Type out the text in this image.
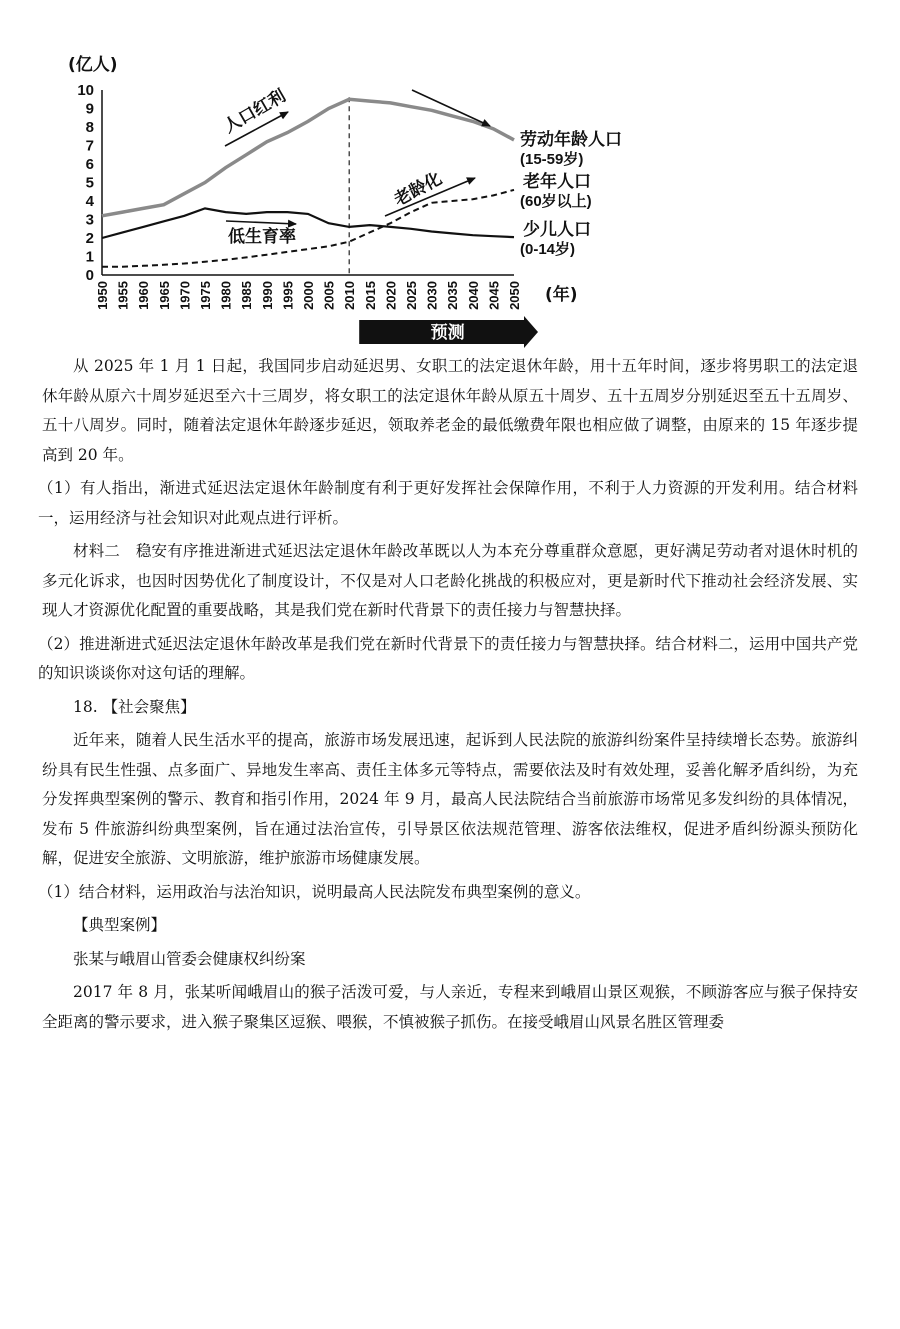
(亿人)
0
1
2
3
4
5
6
7
8
9
10
1950 1955 1960 1965 1970 1975 1980 1985 1990 1995 2000 2005 2010 2015 2020 2025 2030 2035 2040 2045 2050 (年)
劳动年龄人口
(15-59岁)
老年人口
(60岁以上)
少儿人口
(0-14岁)
人口红利
低生育率
老龄化
预测

从 2025 年 1 月 1 日起，我国同步启动延迟男、女职工的法定退休年龄，用十五年时间，逐步将男职工的法定退休年龄从原六十周岁延迟至六十三周岁，将女职工的法定退休年龄从原五十周岁、五十五周岁分别延迟至五十五周岁、五十八周岁。同时，随着法定退休年龄逐步延迟，领取养老金的最低缴费年限也相应做了调整，由原来的 15 年逐步提高到 20 年。

（1）有人指出，渐进式延迟法定退休年龄制度有利于更好发挥社会保障作用，不利于人力资源的开发利用。结合材料一，运用经济与社会知识对此观点进行评析。

材料二　稳安有序推进渐进式延迟法定退休年龄改革既以人为本充分尊重群众意愿，更好满足劳动者对退休时机的多元化诉求，也因时因势优化了制度设计，不仅是对人口老龄化挑战的积极应对，更是新时代下推动社会经济发展、实现人才资源优化配置的重要战略，其是我们党在新时代背景下的责任接力与智慧抉择。

（2）推进渐进式延迟法定退休年龄改革是我们党在新时代背景下的责任接力与智慧抉择。结合材料二，运用中国共产党的知识谈谈你对这句话的理解。

18. 【社会聚焦】

近年来，随着人民生活水平的提高，旅游市场发展迅速，起诉到人民法院的旅游纠纷案件呈持续增长态势。旅游纠纷具有民生性强、点多面广、异地发生率高、责任主体多元等特点，需要依法及时有效处理，妥善化解矛盾纠纷，为充分发挥典型案例的警示、教育和指引作用，2024 年 9 月，最高人民法院结合当前旅游市场常见多发纠纷的具体情况，发布 5 件旅游纠纷典型案例，旨在通过法治宣传，引导景区依法规范管理、游客依法维权，促进矛盾纠纷源头预防化解，促进安全旅游、文明旅游，维护旅游市场健康发展。

（1）结合材料，运用政治与法治知识，说明最高人民法院发布典型案例的意义。

【典型案例】

张某与峨眉山管委会健康权纠纷案

2017 年 8 月，张某听闻峨眉山的猴子活泼可爱，与人亲近，专程来到峨眉山景区观猴，不顾游客应与猴子保持安全距离的警示要求，进入猴子聚集区逗猴、喂猴，不慎被猴子抓伤。在接受峨眉山风景名胜区管理委
